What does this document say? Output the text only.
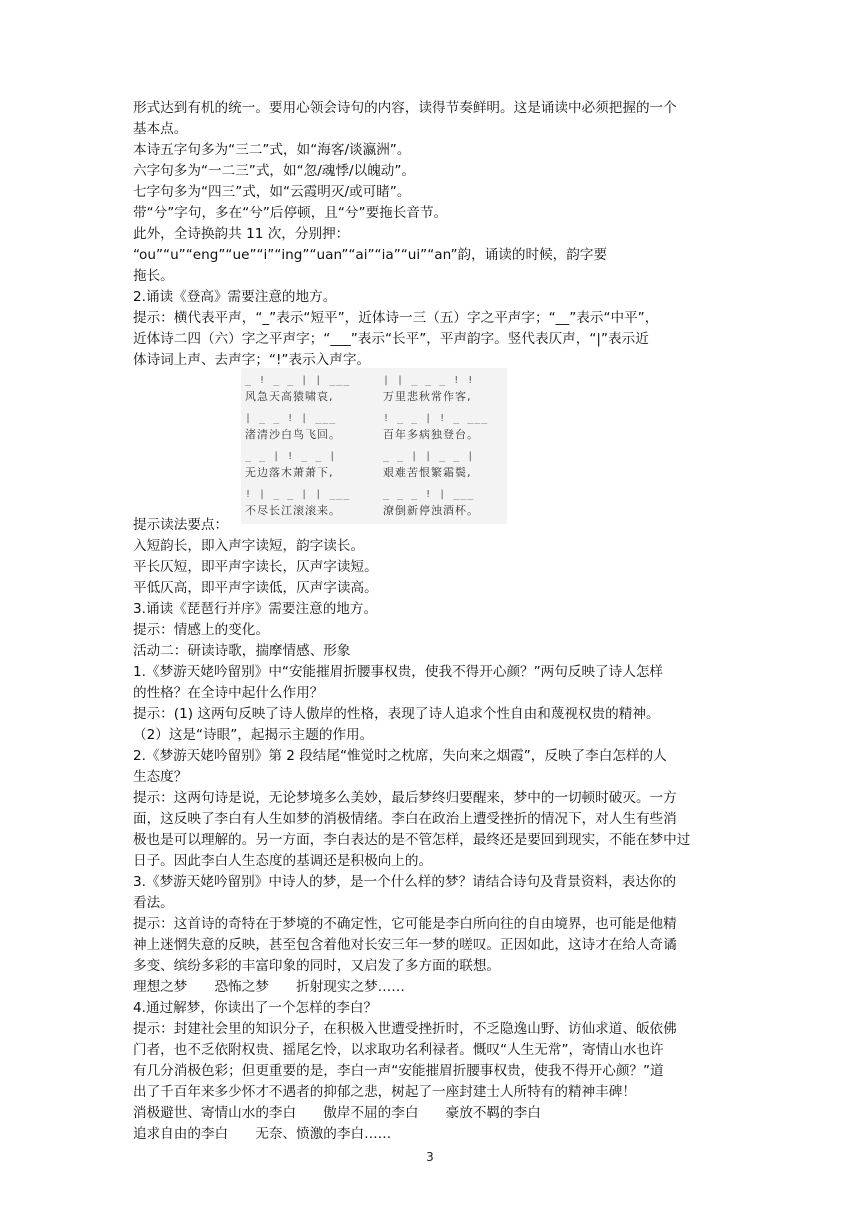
形式达到有机的统一。要用心领会诗句的内容，读得节奏鲜明。这是诵读中必须把握的一个
基本点。
本诗五字句多为“三二”式，如“海客/谈瀛洲”。
六字句多为“一二三”式，如“忽/魂悸/以魄动”。
七字句多为“四三”式，如“云霞明灭/或可睹”。
带“兮”字句，多在“兮”后停顿，且“兮”要拖长音节。
此外，全诗换韵共 11 次，分别押：
“ou”“u”“eng”“ue”“i”“ing”“uan”“ai”“ia”“ui”“an”韵，诵读的时候，韵字要
拖长。
2.诵读《登高》需要注意的地方。
提示：横代表平声，“_”表示“短平”，近体诗一三（五）字之平声字；“__”表示“中平”，
近体诗二四（六）字之平声字；“___”表示“长平”，平声韵字。竖代表仄声，“|”表示近
体诗词上声、去声字；“!”表示入声字。
_ ! _ _ | | ___
风急天高猿啸哀,
| _ _ ! | ___
渚清沙白鸟飞回。
_ _ | ! _ _ |
无边落木萧萧下,
! | _ _ | | ___
不尽长江滚滚来。
| | _ _ _ ! !
万里悲秋常作客,
! _ _ | ! _ ___
百年多病独登台。
_ _ | | _ _ |
艰难苦恨繁霜鬓,
_ _ _ ! | ___
潦倒新停浊酒杯。
提示读法要点：
入短韵长，即入声字读短，韵字读长。
平长仄短，即平声字读长，仄声字读短。
平低仄高，即平声字读低，仄声字读高。
3.诵读《琵琶行并序》需要注意的地方。
提示：情感上的变化。
活动二：研读诗歌，揣摩情感、形象
1.《梦游天姥吟留别》中“安能摧眉折腰事权贵，使我不得开心颜？”两句反映了诗人怎样
的性格？在全诗中起什么作用？
提示：(1) 这两句反映了诗人傲岸的性格，表现了诗人追求个性自由和蔑视权贵的精神。
（2）这是“诗眼”，起揭示主题的作用。
2.《梦游天姥吟留别》第 2 段结尾“惟觉时之枕席，失向来之烟霞”，反映了李白怎样的人
生态度？
提示：这两句诗是说，无论梦境多么美妙，最后梦终归要醒来，梦中的一切顿时破灭。一方
面，这反映了李白有人生如梦的消极情绪。李白在政治上遭受挫折的情况下，对人生有些消
极也是可以理解的。另一方面，李白表达的是不管怎样，最终还是要回到现实，不能在梦中过
日子。因此李白人生态度的基调还是积极向上的。
3.《梦游天姥吟留别》中诗人的梦，是一个什么样的梦？请结合诗句及背景资料，表达你的
看法。
提示：这首诗的奇特在于梦境的不确定性，它可能是李白所向往的自由境界，也可能是他精
神上迷惘失意的反映，甚至包含着他对长安三年一梦的嗟叹。正因如此，这诗才在给人奇谲
多变、缤纷多彩的丰富印象的同时，又启发了多方面的联想。
理想之梦　　恐怖之梦　　折射现实之梦……
4.通过解梦，你读出了一个怎样的李白？
提示：封建社会里的知识分子，在积极入世遭受挫折时，不乏隐逸山野、访仙求道、皈依佛
门者，也不乏依附权贵、摇尾乞怜，以求取功名利禄者。慨叹“人生无常”，寄情山水也许
有几分消极色彩；但更重要的是，李白一声“安能摧眉折腰事权贵，使我不得开心颜？”道
出了千百年来多少怀才不遇者的抑郁之悲，树起了一座封建士人所特有的精神丰碑！
消极避世、寄情山水的李白　　傲岸不屈的李白　　豪放不羁的李白
追求自由的李白　　无奈、愤激的李白……
3
